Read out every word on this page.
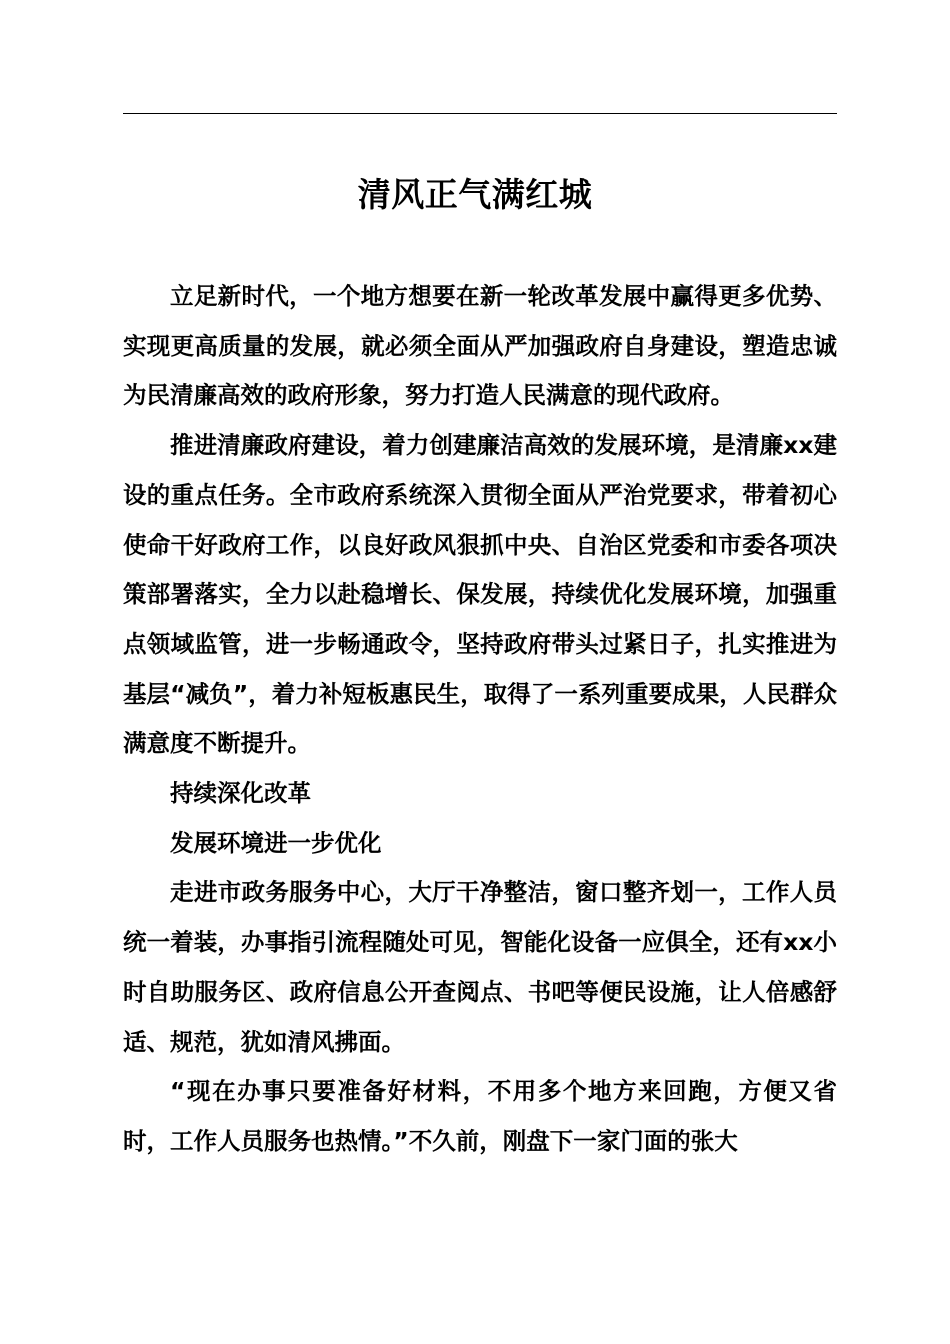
清风正气满红城

立足新时代，一个地方想要在新一轮改革发展中赢得更多优势、实现更高质量的发展，就必须全面从严加强政府自身建设，塑造忠诚为民清廉高效的政府形象，努力打造人民满意的现代政府。

推进清廉政府建设，着力创建廉洁高效的发展环境，是清廉xx建设的重点任务。全市政府系统深入贯彻全面从严治党要求，带着初心使命干好政府工作，以良好政风狠抓中央、自治区党委和市委各项决策部署落实，全力以赴稳增长、保发展，持续优化发展环境，加强重点领域监管，进一步畅通政令，坚持政府带头过紧日子，扎实推进为基层“减负”，着力补短板惠民生，取得了一系列重要成果，人民群众满意度不断提升。

持续深化改革

发展环境进一步优化

走进市政务服务中心，大厅干净整洁，窗口整齐划一，工作人员统一着装，办事指引流程随处可见，智能化设备一应俱全，还有xx小时自助服务区、政府信息公开查阅点、书吧等便民设施，让人倍感舒适、规范，犹如清风拂面。

“现在办事只要准备好材料，不用多个地方来回跑，方便又省时，工作人员服务也热情。”不久前，刚盘下一家门面的张大
